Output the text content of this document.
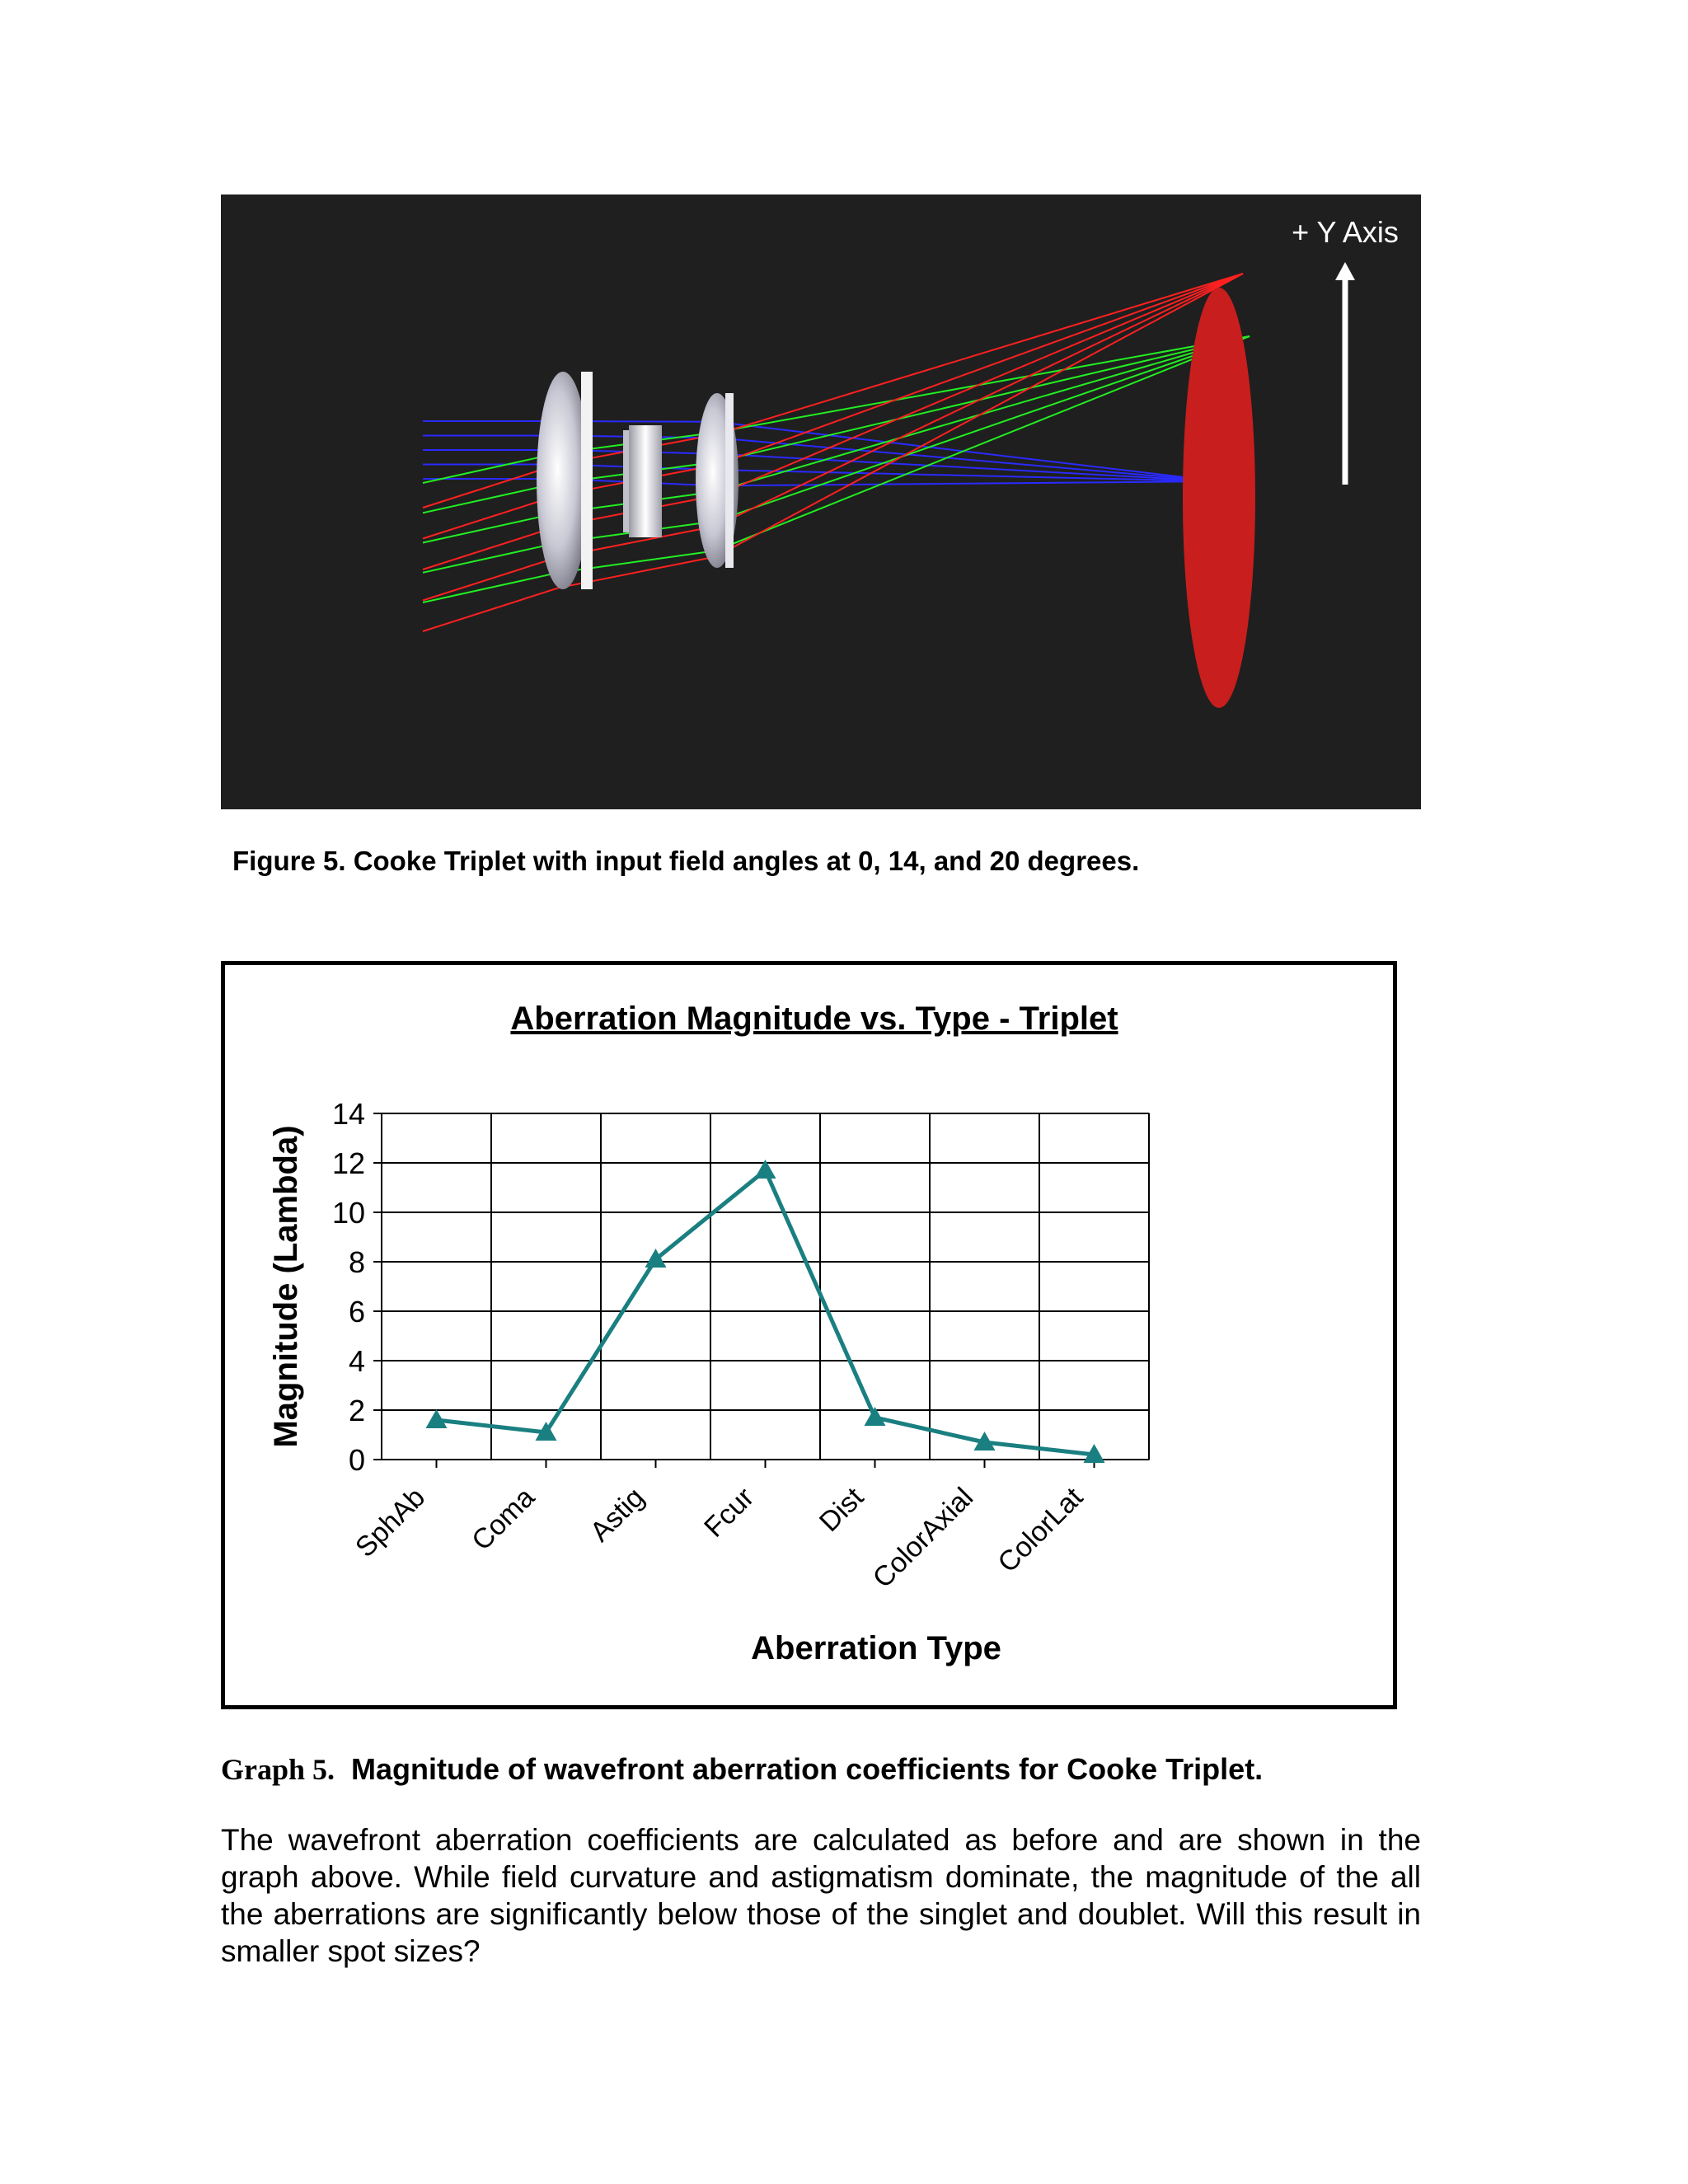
+ Y Axis
Figure 5. Cooke Triplet with input field angles at 0, 14, and 20 degrees.
Aberration Magnitude vs. Type - Triplet
0
2
4
6
8
10
12
14
SphAb Coma Astig Fcur Dist
ColorAxial ColorLat
Aberration Type
Magnitude (Lambda)
Graph 5. Magnitude of wavefront aberration coefficients for Cooke Triplet.
The wavefront aberration coefficients are calculated as before and are shown in the graph above. While field curvature and astigmatism dominate, the magnitude of the all the aberrations are significantly below those of the singlet and doublet. Will this result in smaller spot sizes?
